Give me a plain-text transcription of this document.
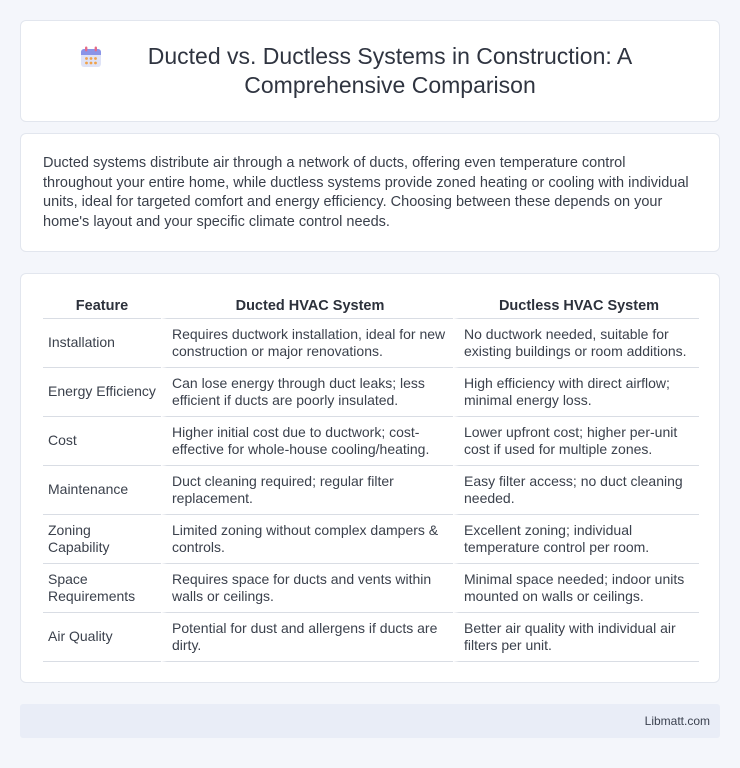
Ducted vs. Ductless Systems in Construction: A Comprehensive Comparison

Ducted systems distribute air through a network of ducts, offering even temperature control throughout your entire home, while ductless systems provide zoned heating or cooling with individual units, ideal for targeted comfort and energy efficiency. Choosing between these depends on your home's layout and your specific climate control needs.

Feature	Ducted HVAC System	Ductless HVAC System
Installation	Requires ductwork installation, ideal for new construction or major renovations.	No ductwork needed, suitable for existing buildings or room additions.
Energy Efficiency	Can lose energy through duct leaks; less efficient if ducts are poorly insulated.	High efficiency with direct airflow; minimal energy loss.
Cost	Higher initial cost due to ductwork; cost-effective for whole-house cooling/heating.	Lower upfront cost; higher per-unit cost if used for multiple zones.
Maintenance	Duct cleaning required; regular filter replacement.	Easy filter access; no duct cleaning needed.
Zoning Capability	Limited zoning without complex dampers & controls.	Excellent zoning; individual temperature control per room.
Space Requirements	Requires space for ducts and vents within walls or ceilings.	Minimal space needed; indoor units mounted on walls or ceilings.
Air Quality	Potential for dust and allergens if ducts are dirty.	Better air quality with individual air filters per unit.
Libmatt.com
